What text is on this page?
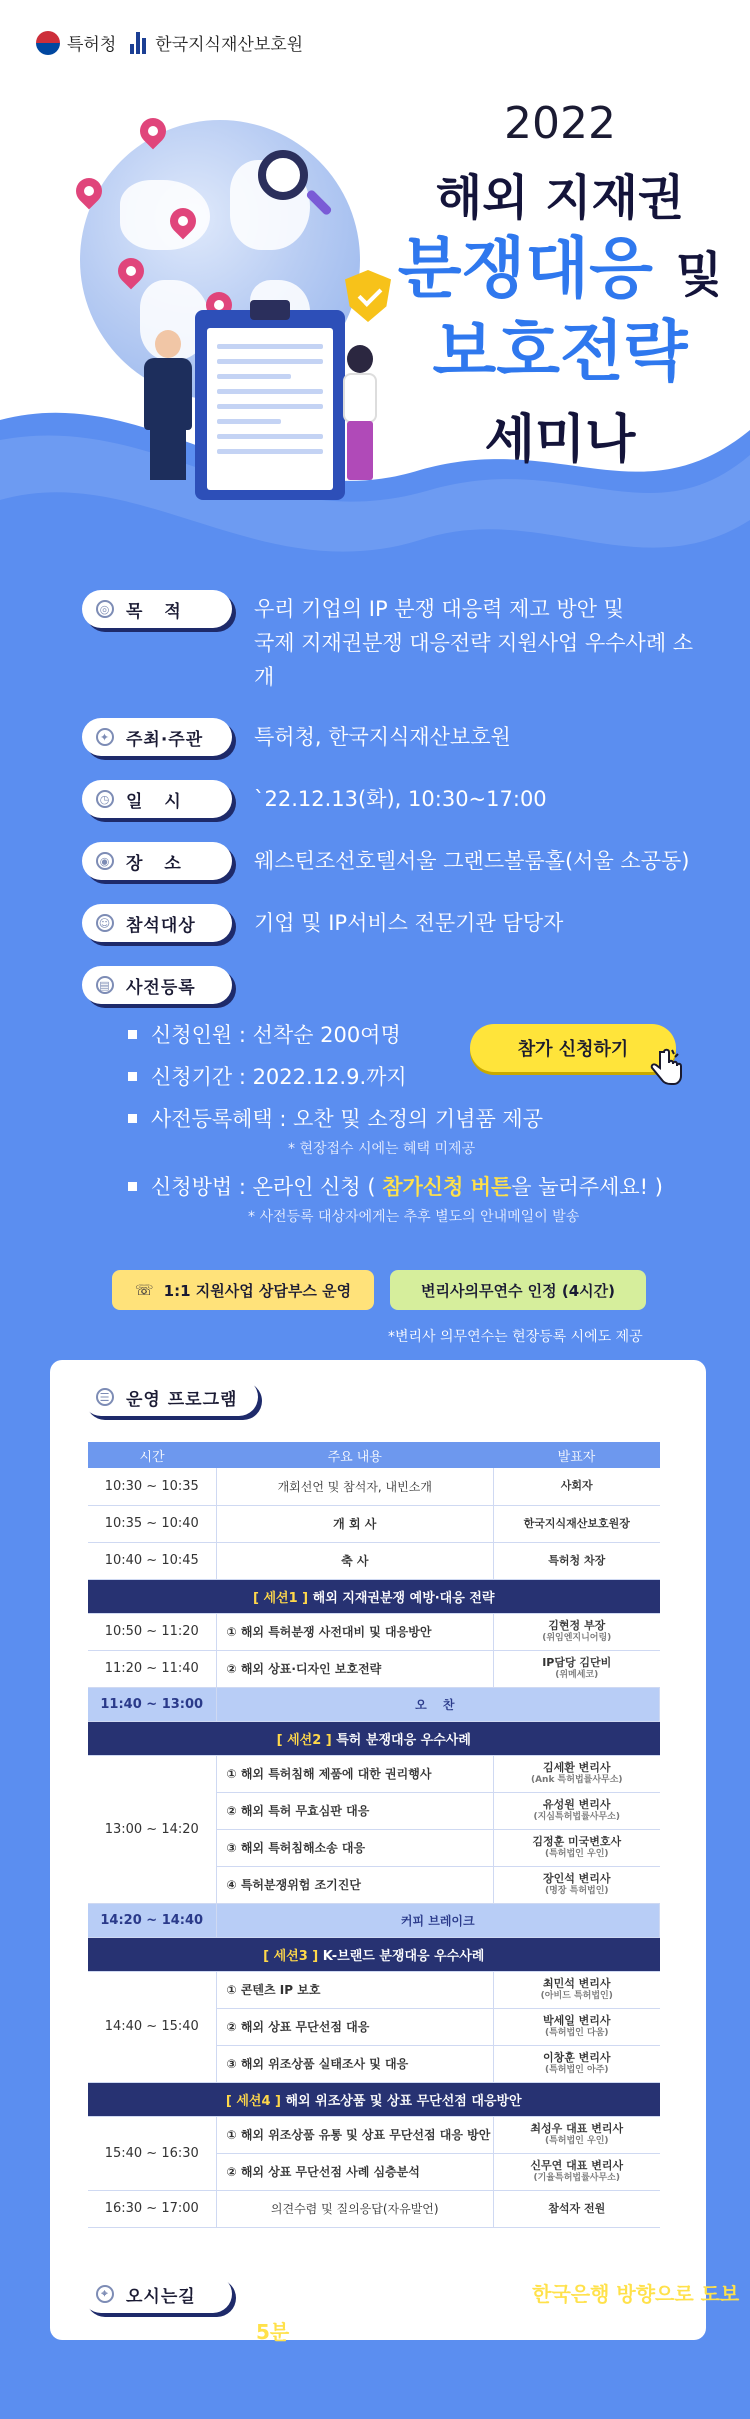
특허청 한국지식재산보호원
2022
해외 지재권
분쟁대응 및
보호전략
세미나
◎ 목적 우리 기업의 IP 분쟁 대응력 제고 방안 및
국제 지재권분쟁 대응전략 지원사업 우수사례 소개
✦ 주최·주관 특허청, 한국지식재산보호원
◷ 일시 `22.12.13(화), 10:30~17:00
◉ 장소 웨스틴조선호텔서울 그랜드볼룸홀(서울 소공동)
☺ 참석대상	기업 및 IP서비스 전문기관 담당자
▤ 사전등록
신청인원 : 선착순 200여명
신청기간 : 2022.12.9.까지
사전등록혜택 : 오찬 및 소정의 기념품 제공
* 현장접수 시에는 혜택 미제공
신청방법 : 온라인 신청 ( 참가신청 버튼을 눌러주세요! )
* 사전등록 대상자에게는 추후 별도의 안내메일이 발송
참가 신청하기
☏ 1:1 지원사업 상담부스 운영	변리사의무연수 인정 (4시간)
*변리사 의무연수는 현장등록 시에도 제공
☰ 운영 프로그램
시간	주요 내용	발표자
10:30 ~ 10:35	개회선언 및 참석자, 내빈소개	사회자
10:35 ~ 10:40	개 회 사	한국지식재산보호원장
10:40 ~ 10:45	축 사	특허청 차장
[ 세션1 ] 해외 지재권분쟁 예방·대응 전략		
10:50 ~ 11:20	① 해외 특허분쟁 사전대비 및 대응방안	김현정 부장
(위임엔지니어링)

11:20 ~ 11:40	② 해외 상표·디자인 보호전략	IP담당 김단비
(위메세코)

11:40 ~ 13:00	오 찬	
[ 세션2 ] 특허 분쟁대응 우수사례		
13:00 ~ 14:20	① 해외 특허침해 제품에 대한 권리행사	김세환 변리사
(Ank 특허법률사무소)

	② 해외 특허 무효심판 대응	유성원 변리사
(지심특허법률사무소)

	③ 해외 특허침해소송 대응	김정훈 미국변호사
(특허법인 우인)

	④ 특허분쟁위험 조기진단	장인석 변리사
(명장 특허법인)

14:20 ~ 14:40	커피 브레이크	
[ 세션3 ] K-브랜드 분쟁대응 우수사례		
14:40 ~ 15:40	① 콘텐츠 IP 보호	최민석 변리사
(아비드 특허법인)

	② 해외 상표 무단선점 대응	박세일 변리사
(특허법인 다움)

	③ 해외 위조상품 실태조사 및 대응	이창훈 변리사
(특허법인 아주)

[ 세션4 ] 해외 위조상품 및 상표 무단선점 대응방안		
15:40 ~ 16:30	① 해외 위조상품 유통 및 상표 무단선점 대응 방안	최성우 대표 변리사
(특허법인 우인)

	② 해외 상표 무단선점 사례 심층분석	신무연 대표 변리사
(기율특허법률사무소)

16:30 ~ 17:00	의견수렴 및 질의응답(자유발언)	참석자 전원
⌖	오시는길	지하철 1,2호선 시청역 하차 후 한국은행 방향으로 도보 5분
